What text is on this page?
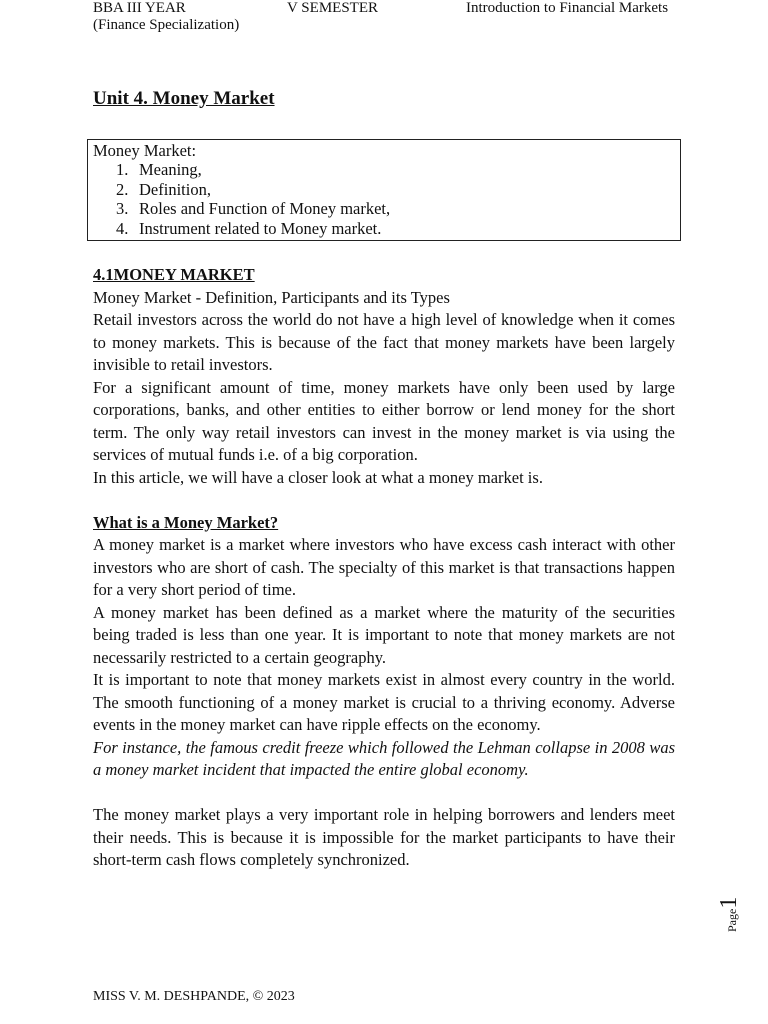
BBA III YEAR	V SEMESTER	Introduction to Financial Markets
(Finance Specialization)
Unit 4. Money Market
Money Market:
1. Meaning,
2. Definition,
3. Roles and Function of Money market,
4. Instrument related to Money market.

4.1MONEY MARKET

Money Market - Definition, Participants and its Types

Retail investors across the world do not have a high level of knowledge when it comes to money markets. This is because of the fact that money markets have been largely invisible to retail investors.

For a significant amount of time, money markets have only been used by large corporations, banks, and other entities to either borrow or lend money for the short term. The only way retail investors can invest in the money market is via using the services of mutual funds i.e. of a big corporation.

In this article, we will have a closer look at what a money market is.

What is a Money Market?

A money market is a market where investors who have excess cash interact with other investors who are short of cash. The specialty of this market is that transactions happen for a very short period of time.

A money market has been defined as a market where the maturity of the securities being traded is less than one year. It is important to note that money markets are not necessarily restricted to a certain geography.

It is important to note that money markets exist in almost every country in the world. The smooth functioning of a money market is crucial to a thriving economy. Adverse events in the money market can have ripple effects on the economy.

For instance, the famous credit freeze which followed the Lehman collapse in 2008 was a money market incident that impacted the entire global economy.

The money market plays a very important role in helping borrowers and lenders meet their needs. This is because it is impossible for the market participants to have their short-term cash flows completely synchronized.

Page1
MISS V. M. DESHPANDE, © 2023
